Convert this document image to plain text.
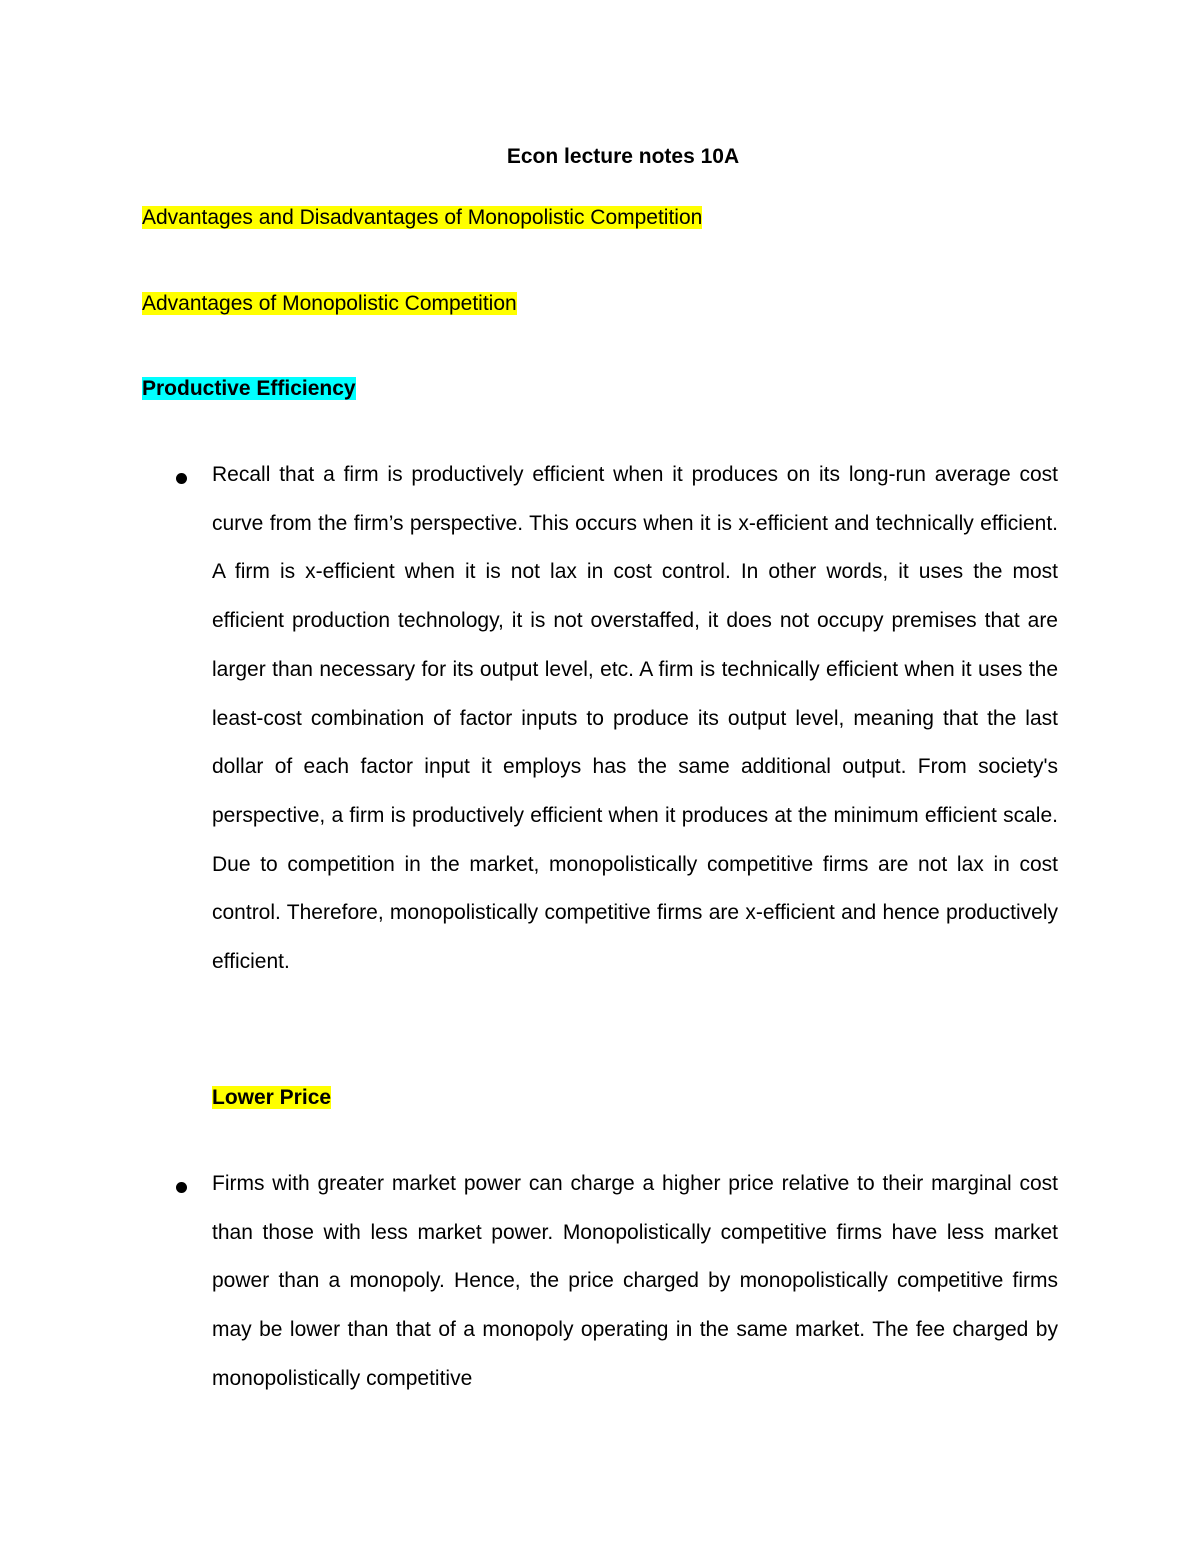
Econ lecture notes 10A
Advantages and Disadvantages of Monopolistic Competition
Advantages of Monopolistic Competition
Productive Efficiency
Recall that a firm is productively efficient when it produces on its long-run average cost curve from the firm’s perspective. This occurs when it is x-efficient and technically efficient. A firm is x-efficient when it is not lax in cost control. In other words, it uses the most efficient production technology, it is not overstaffed, it does not occupy premises that are larger than necessary for its output level, etc. A firm is technically efficient when it uses the least-cost combination of factor inputs to produce its output level, meaning that the last dollar of each factor input it employs has the same additional output. From society's perspective, a firm is productively efficient when it produces at the minimum efficient scale. Due to competition in the market, monopolistically competitive firms are not lax in cost control. Therefore, monopolistically competitive firms are x-efficient and hence productively efficient.
Lower Price
Firms with greater market power can charge a higher price relative to their marginal cost than those with less market power. Monopolistically competitive firms have less market power than a monopoly. Hence, the price charged by monopolistically competitive firms may be lower than that of a monopoly operating in the same market. The fee charged by monopolistically competitive
